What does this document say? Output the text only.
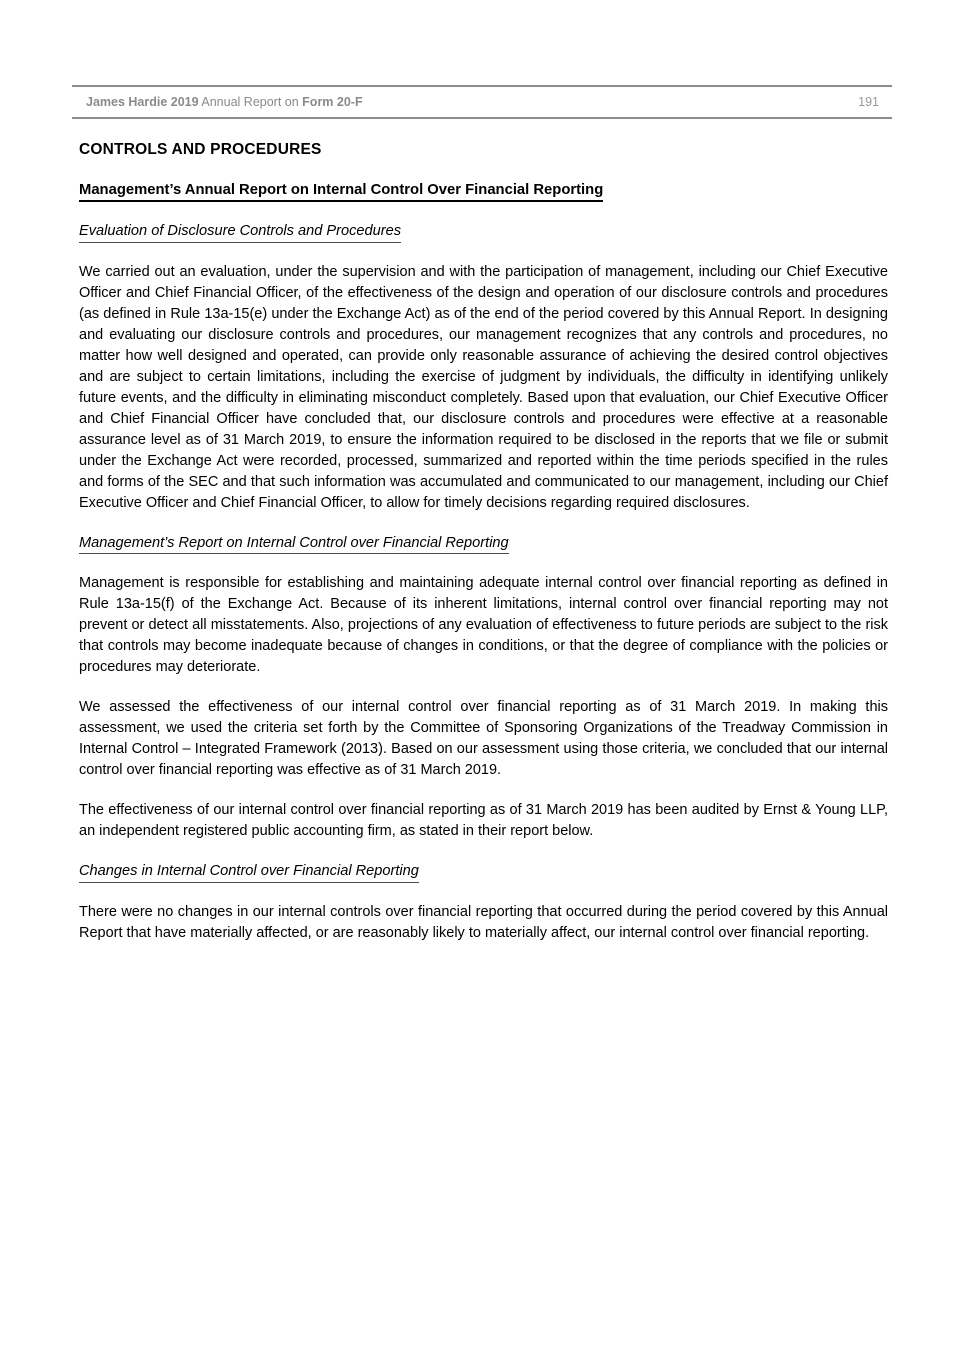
James Hardie 2019 Annual Report on Form 20-F	191
CONTROLS AND PROCEDURES
Management’s Annual Report on Internal Control Over Financial Reporting
Evaluation of Disclosure Controls and Procedures

We carried out an evaluation, under the supervision and with the participation of management, including our Chief Executive Officer and Chief Financial Officer, of the effectiveness of the design and operation of our disclosure controls and procedures (as defined in Rule 13a-15(e) under the Exchange Act) as of the end of the period covered by this Annual Report. In designing and evaluating our disclosure controls and procedures, our management recognizes that any controls and procedures, no matter how well designed and operated, can provide only reasonable assurance of achieving the desired control objectives and are subject to certain limitations, including the exercise of judgment by individuals, the difficulty in identifying unlikely future events, and the difficulty in eliminating misconduct completely. Based upon that evaluation, our Chief Executive Officer and Chief Financial Officer have concluded that, our disclosure controls and procedures were effective at a reasonable assurance level as of 31 March 2019, to ensure the information required to be disclosed in the reports that we file or submit under the Exchange Act were recorded, processed, summarized and reported within the time periods specified in the rules and forms of the SEC and that such information was accumulated and communicated to our management, including our Chief Executive Officer and Chief Financial Officer, to allow for timely decisions regarding required disclosures.

Management’s Report on Internal Control over Financial Reporting

Management is responsible for establishing and maintaining adequate internal control over financial reporting as defined in Rule 13a-15(f) of the Exchange Act. Because of its inherent limitations, internal control over financial reporting may not prevent or detect all misstatements. Also, projections of any evaluation of effectiveness to future periods are subject to the risk that controls may become inadequate because of changes in conditions, or that the degree of compliance with the policies or procedures may deteriorate.

We assessed the effectiveness of our internal control over financial reporting as of 31 March 2019. In making this assessment, we used the criteria set forth by the Committee of Sponsoring Organizations of the Treadway Commission in Internal Control – Integrated Framework (2013). Based on our assessment using those criteria, we concluded that our internal control over financial reporting was effective as of 31 March 2019.

The effectiveness of our internal control over financial reporting as of 31 March 2019 has been audited by Ernst & Young LLP, an independent registered public accounting firm, as stated in their report below.

Changes in Internal Control over Financial Reporting

There were no changes in our internal controls over financial reporting that occurred during the period covered by this Annual Report that have materially affected, or are reasonably likely to materially affect, our internal control over financial reporting.
